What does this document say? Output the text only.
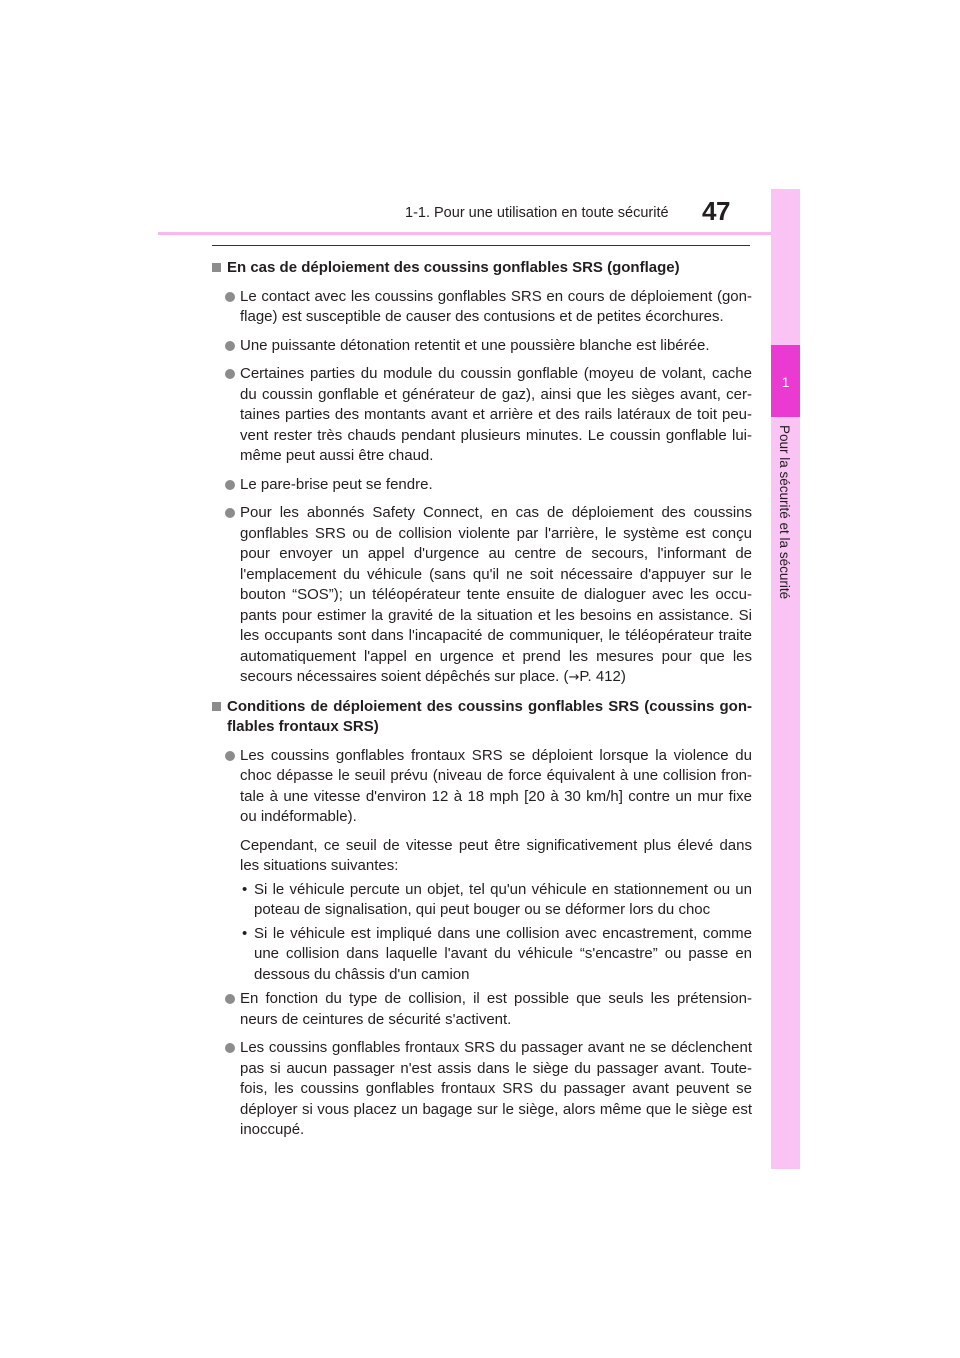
1-1. Pour une utilisation en toute sécurité	47
1
Pour la sécurité et la sécurité
En cas de déploiement des coussins gonflables SRS (gonflage)
Le contact avec les coussins gonflables SRS en cours de déploiement (gon- flage) est susceptible de causer des contusions et de petites écorchures.
Une puissante détonation retentit et une poussière blanche est libérée.
Certaines parties du module du coussin gonflable (moyeu de volant, cache du coussin gonflable et générateur de gaz), ainsi que les sièges avant, cer- taines parties des montants avant et arrière et des rails latéraux de toit peu- vent rester très chauds pendant plusieurs minutes. Le coussin gonflable lui- même peut aussi être chaud.
Le pare-brise peut se fendre.
Pour les abonnés Safety Connect, en cas de déploiement des coussins gonflables SRS ou de collision violente par l'arrière, le système est conçu pour envoyer un appel d'urgence au centre de secours, l'informant de l'emplacement du véhicule (sans qu'il ne soit nécessaire d'appuyer sur le bouton “SOS”); un téléopérateur tente ensuite de dialoguer avec les occu- pants pour estimer la gravité de la situation et les besoins en assistance. Si les occupants sont dans l'incapacité de communiquer, le téléopérateur traite automatiquement l'appel en urgence et prend les mesures pour que les secours nécessaires soient dépêchés sur place. (→P. 412)
Conditions de déploiement des coussins gonflables SRS (coussins gon- flables frontaux SRS)
Les coussins gonflables frontaux SRS se déploient lorsque la violence du choc dépasse le seuil prévu (niveau de force équivalent à une collision fron- tale à une vitesse d'environ 12 à 18 mph [20 à 30 km/h] contre un mur fixe ou indéformable).
Cependant, ce seuil de vitesse peut être significativement plus élevé dans les situations suivantes:
• Si le véhicule percute un objet, tel qu'un véhicule en stationnement ou un poteau de signalisation, qui peut bouger ou se déformer lors du choc
• Si le véhicule est impliqué dans une collision avec encastrement, comme une collision dans laquelle l'avant du véhicule “s'encastre” ou passe en dessous du châssis d'un camion
En fonction du type de collision, il est possible que seuls les prétension- neurs de ceintures de sécurité s'activent.
Les coussins gonflables frontaux SRS du passager avant ne se déclenchent pas si aucun passager n'est assis dans le siège du passager avant. Toute- fois, les coussins gonflables frontaux SRS du passager avant peuvent se déployer si vous placez un bagage sur le siège, alors même que le siège est inoccupé.
